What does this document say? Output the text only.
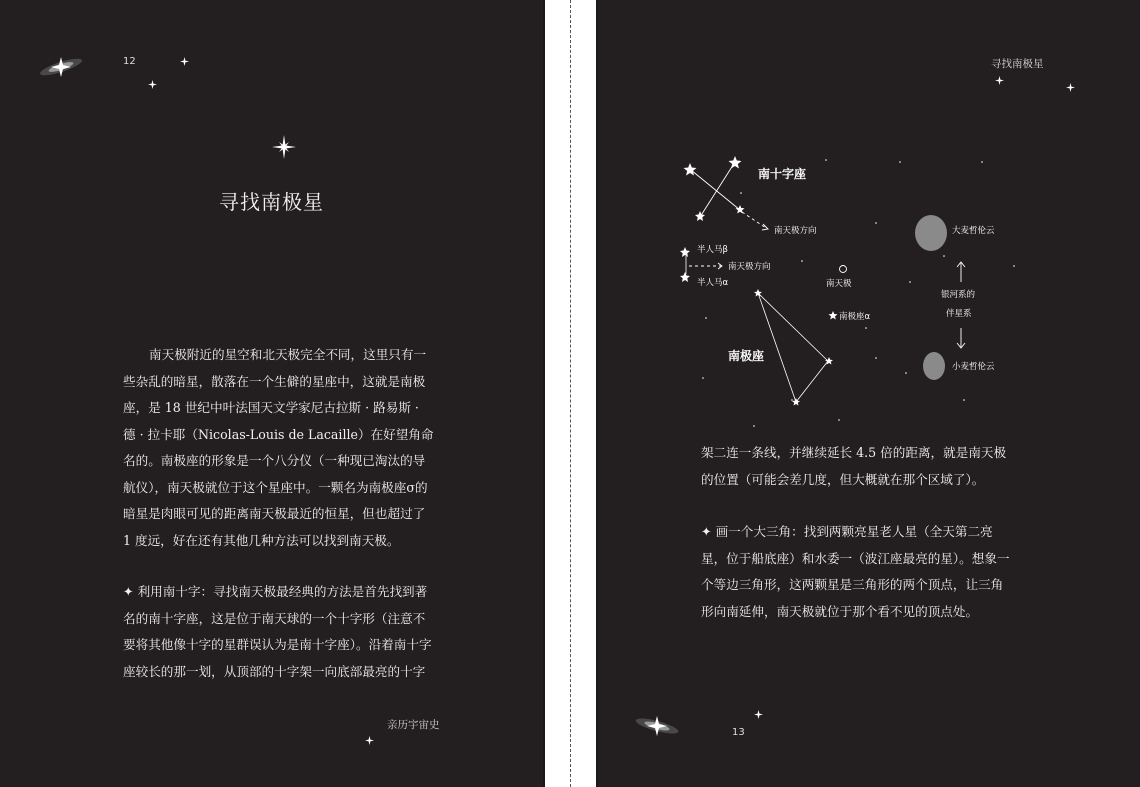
12
寻找南极星
南天极附近的星空和北天极完全不同，这里只有一
些杂乱的暗星，散落在一个生僻的星座中，这就是南极
座，是 18 世纪中叶法国天文学家尼古拉斯 · 路易斯 ·
德 · 拉卡耶（Nicolas-Louis de Lacaille）在好望角命
名的。南极座的形象是一个八分仪（一种现已淘汰的导
航仪），南天极就位于这个星座中。一颗名为南极座σ的
暗星是肉眼可见的距离南天极最近的恒星，但也超过了
1 度远，好在还有其他几种方法可以找到南天极。
✦ 利用南十字：寻找南天极最经典的方法是首先找到著
名的南十字座，这是位于南天球的一个十字形（注意不
要将其他像十字的星群误认为是南十字座）。沿着南十字
座较长的那一划，从顶部的十字架一向底部最亮的十字
亲历宇宙史
寻找南极星
南十字座
南天极方向
半人马β
南天极方向
半人马α	南天极
南极座α
南极座
大麦哲伦云
小麦哲伦云
银河系的
伴星系
架二连一条线，并继续延长 4.5 倍的距离，就是南天极
的位置（可能会差几度，但大概就在那个区域了）。
✦ 画一个大三角：找到两颗亮星老人星（全天第二亮
星，位于船底座）和水委一（波江座最亮的星）。想象一
个等边三角形，这两颗星是三角形的两个顶点，让三角
形向南延伸，南天极就位于那个看不见的顶点处。
13
